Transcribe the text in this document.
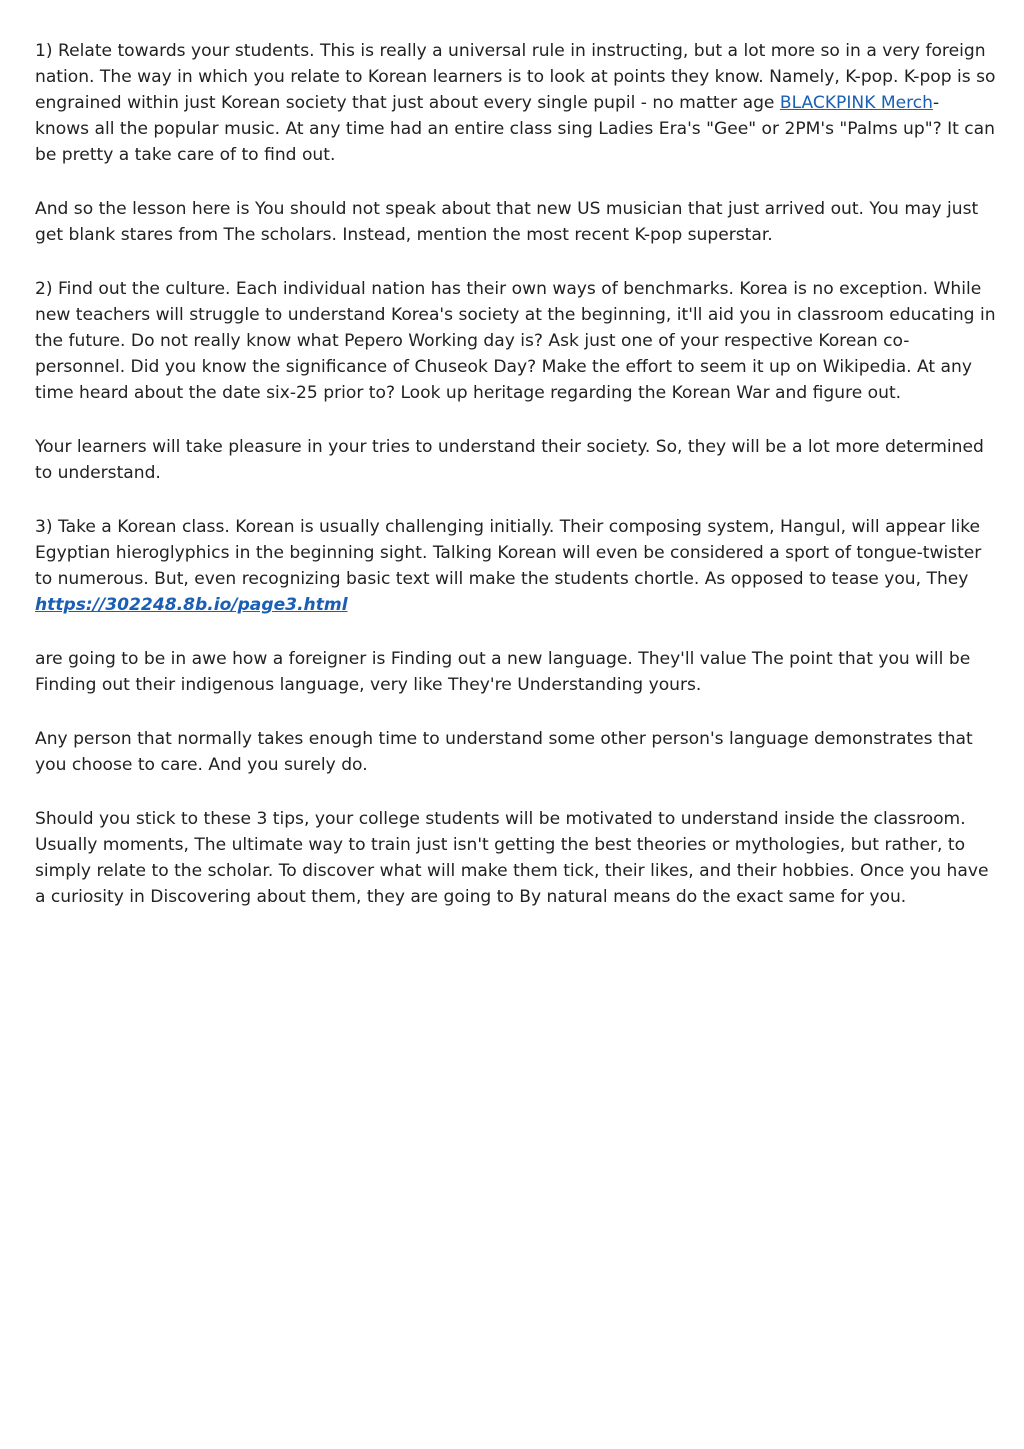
1) Relate towards your students. This is really a universal rule in instructing, but a lot more so in a very foreign nation. The way in which you relate to Korean learners is to look at points they know. Namely, K-pop. K-pop is so engrained within just Korean society that just about every single pupil - no matter age BLACKPINK Merch- knows all the popular music. At any time had an entire class sing Ladies Era's "Gee" or 2PM's "Palms up"? It can be pretty a take care of to find out.

And so the lesson here is You should not speak about that new US musician that just arrived out. You may just get blank stares from The scholars. Instead, mention the most recent K-pop superstar.

2) Find out the culture. Each individual nation has their own ways of benchmarks. Korea is no exception. While new teachers will struggle to understand Korea's society at the beginning, it'll aid you in classroom educating in the future. Do not really know what Pepero Working day is? Ask just one of your respective Korean co-personnel. Did you know the significance of Chuseok Day? Make the effort to seem it up on Wikipedia. At any time heard about the date six-25 prior to? Look up heritage regarding the Korean War and figure out.

Your learners will take pleasure in your tries to understand their society. So, they will be a lot more determined to understand.

3) Take a Korean class. Korean is usually challenging initially. Their composing system, Hangul, will appear like Egyptian hieroglyphics in the beginning sight. Talking Korean will even be considered a sport of tongue-twister to numerous. But, even recognizing basic text will make the students chortle. As opposed to tease you, They
https://302248.8b.io/page3.html

are going to be in awe how a foreigner is Finding out a new language. They'll value The point that you will be Finding out their indigenous language, very like They're Understanding yours.

Any person that normally takes enough time to understand some other person's language demonstrates that you choose to care. And you surely do.

Should you stick to these 3 tips, your college students will be motivated to understand inside the classroom. Usually moments, The ultimate way to train just isn't getting the best theories or mythologies, but rather, to simply relate to the scholar. To discover what will make them tick, their likes, and their hobbies. Once you have a curiosity in Discovering about them, they are going to By natural means do the exact same for you.
